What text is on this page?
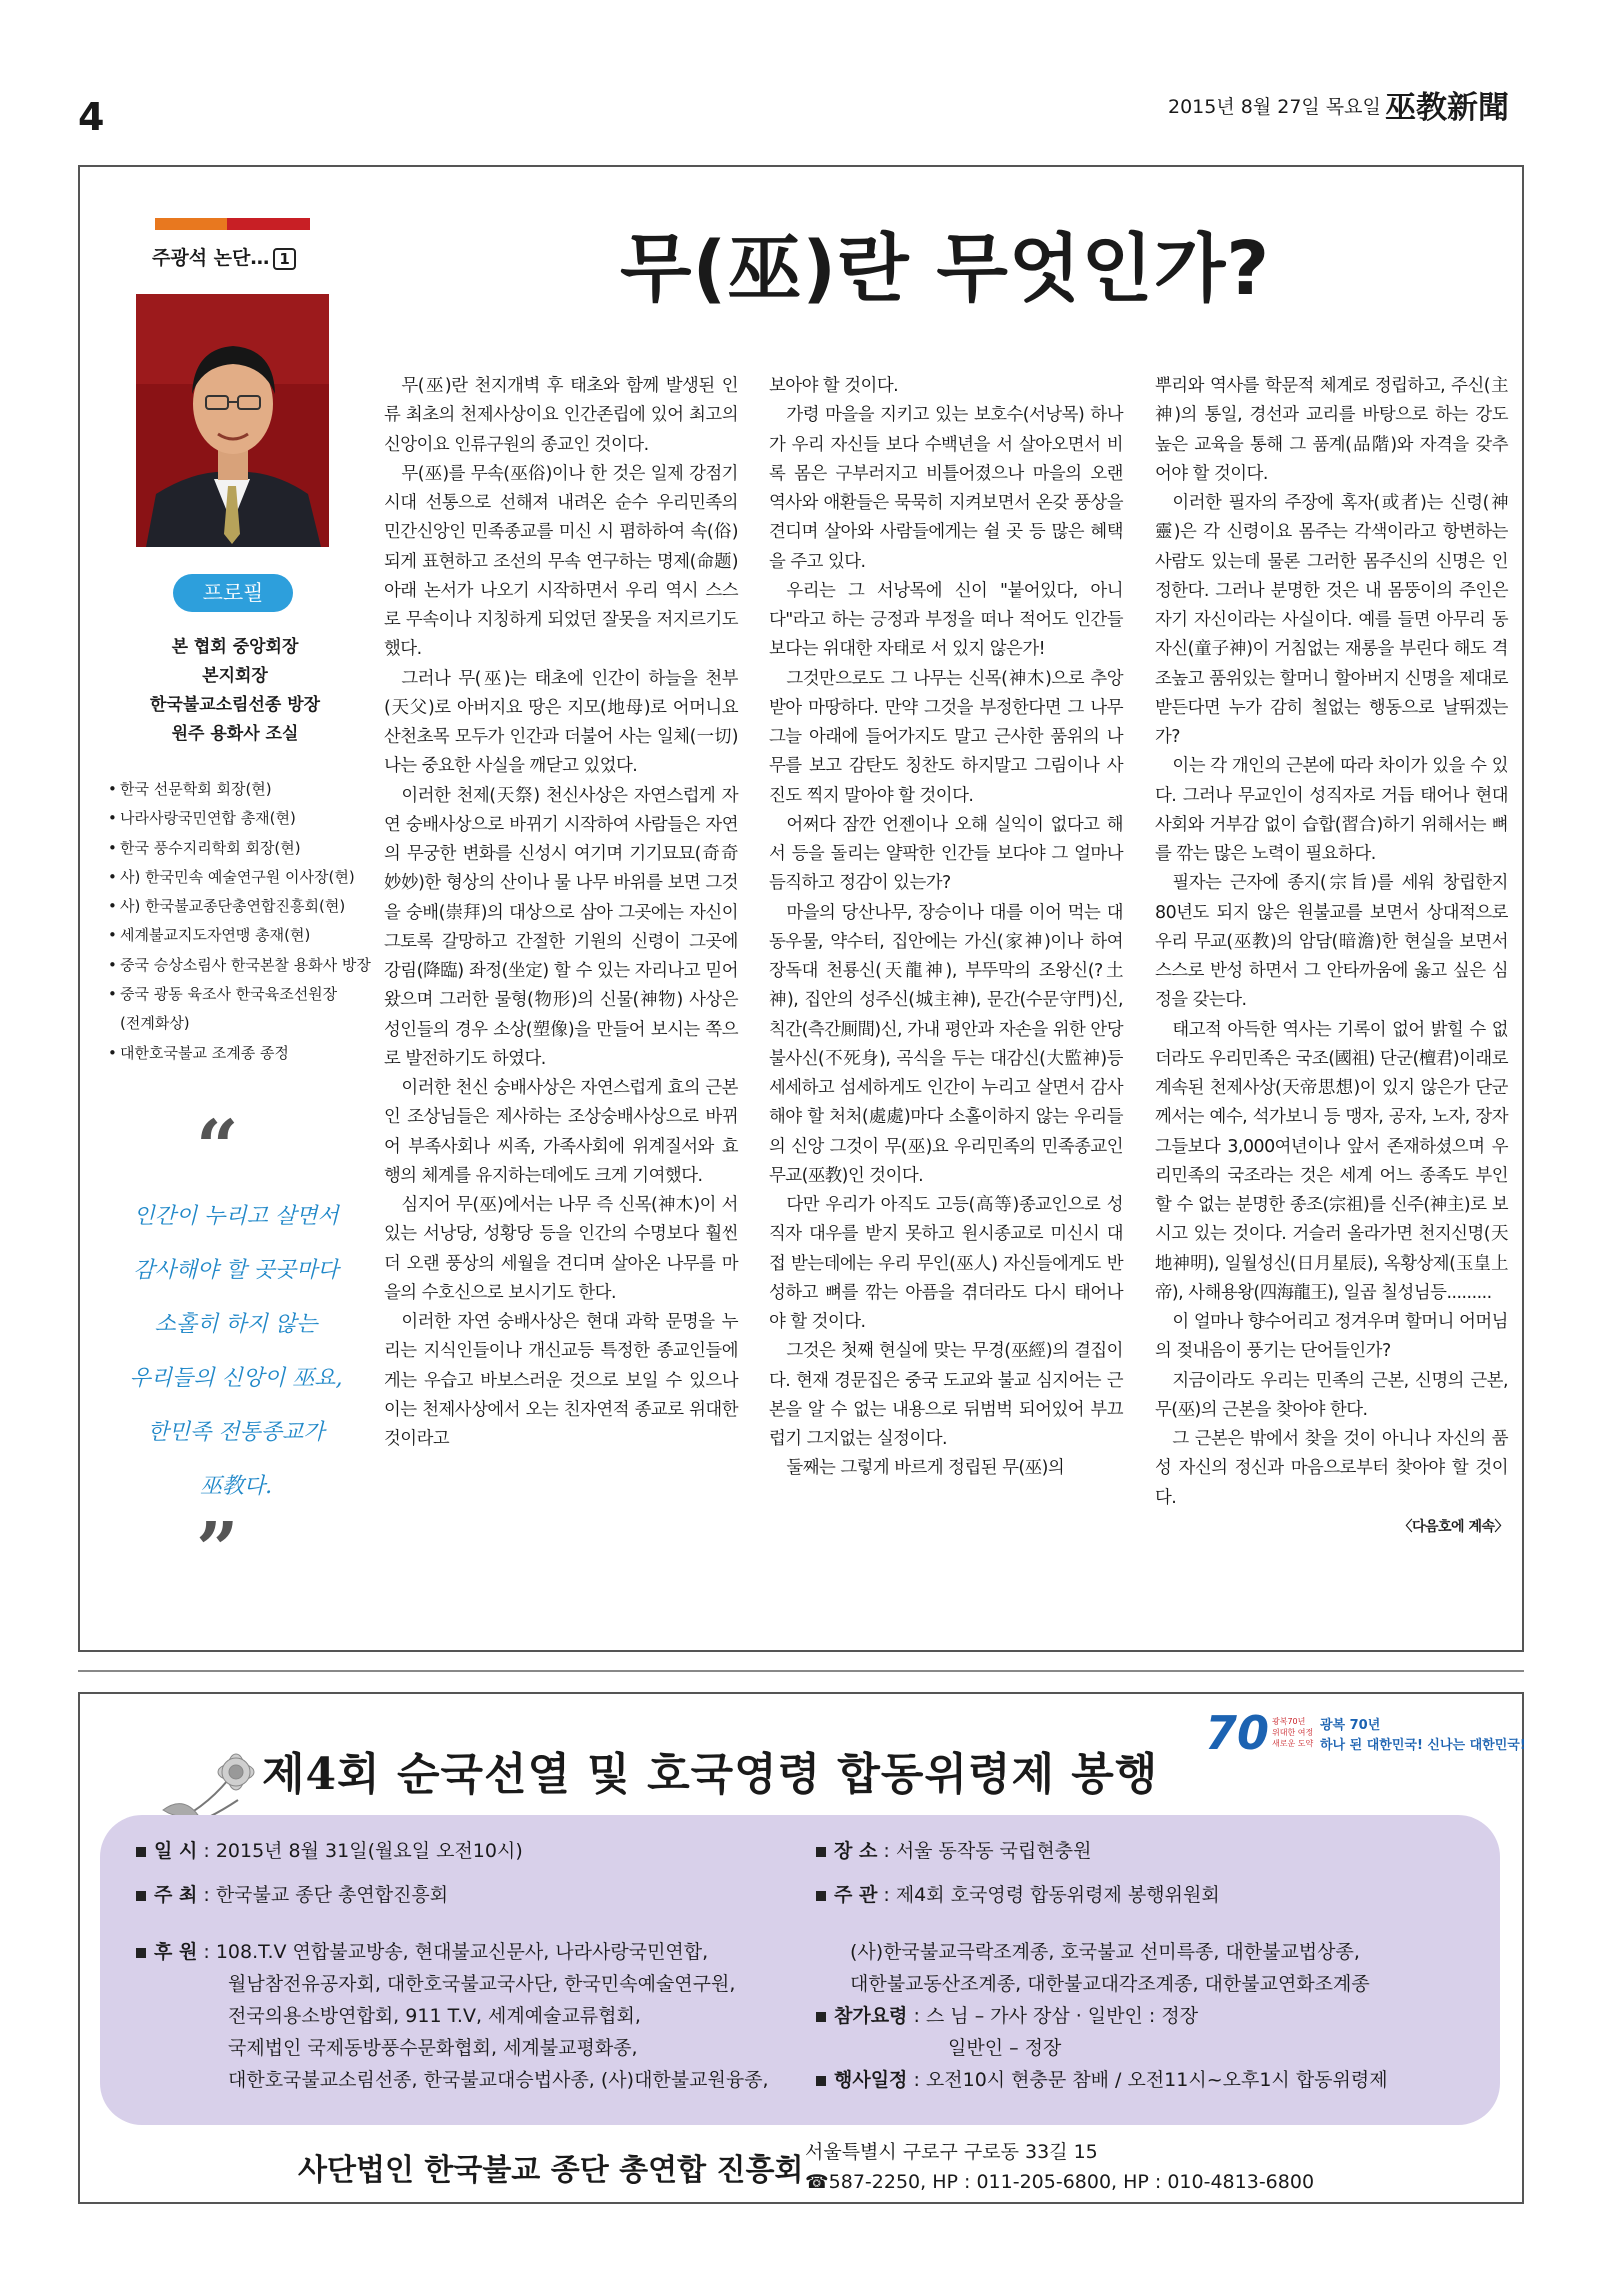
4	2015년 8월 27일 목요일 巫教新聞
주광석 논단… 1
프로필
본 협회 중앙회장
본지회장
한국불교소림선종 방장
원주 용화사 조실
• 한국 선문학회 회장(현)
• 나라사랑국민연합 총재(현)
• 한국 풍수지리학회 회장(현)
• 사) 한국민속 예술연구원 이사장(현)
• 사) 한국불교종단총연합진흥회(현)
• 세계불교지도자연맹 총재(현)
• 중국 승상소림사 한국본찰 용화사 방장
• 중국 광동 육조사 한국육조선원장
(전계화상)
• 대한호국불교 조계종 종정
“
인간이 누리고 살면서
감사해야 할 곳곳마다
소홀히 하지 않는
우리들의 신앙이 巫요,
한민족 전통종교가
巫教다.
”
무(巫)란 무엇인가?

무(巫)란 천지개벽 후 태초와 함께 발생된 인류 최초의 천제사상이요 인간존립에 있어 최고의 신앙이요 인류구원의 종교인 것이다.

무(巫)를 무속(巫俗)이나 한 것은 일제 강점기 시대 선통으로 선해져 내려온 순수 우리민족의 민간신앙인 민족종교를 미신 시 폄하하여 속(俗)되게 표현하고 조선의 무속 연구하는 명제(命题)아래 논서가 나오기 시작하면서 우리 역시 스스로 무속이나 지칭하게 되었던 잘못을 저지르기도 했다.

그러나 무(巫)는 태초에 인간이 하늘을 천부(天父)로 아버지요 땅은 지모(地母)로 어머니요 산천초목 모두가 인간과 더불어 사는 일체(一切)나는 중요한 사실을 깨닫고 있었다.

이러한 천제(天祭) 천신사상은 자연스럽게 자연 숭배사상으로 바뀌기 시작하여 사람들은 자연의 무궁한 변화를 신성시 여기며 기기묘묘(奇奇妙妙)한 형상의 산이나 물 나무 바위를 보면 그것을 숭배(崇拜)의 대상으로 삼아 그곳에는 자신이 그토록 갈망하고 간절한 기원의 신령이 그곳에 강림(降臨) 좌정(坐定) 할 수 있는 자리나고 믿어 왔으며 그러한 물형(物形)의 신물(神物) 사상은 성인들의 경우 소상(塑像)을 만들어 보시는 쪽으로 발전하기도 하였다.

이러한 천신 숭배사상은 자연스럽게 효의 근본인 조상님들은 제사하는 조상숭배사상으로 바뀌어 부족사회나 씨족, 가족사회에 위계질서와 효행의 체계를 유지하는데에도 크게 기여했다.

심지어 무(巫)에서는 나무 즉 신목(神木)이 서있는 서낭당, 성황당 등을 인간의 수명보다 훨씬 더 오랜 풍상의 세월을 견디며 살아온 나무를 마을의 수호신으로 보시기도 한다.

이러한 자연 숭배사상은 현대 과학 문명을 누리는 지식인들이나 개신교등 특정한 종교인들에게는 우습고 바보스러운 것으로 보일 수 있으나 이는 천제사상에서 오는 친자연적 종교로 위대한 것이라고

보아야 할 것이다.

가령 마을을 지키고 있는 보호수(서낭목) 하나가 우리 자신들 보다 수백년을 서 살아오면서 비록 몸은 구부러지고 비틀어졌으나 마을의 오랜 역사와 애환들은 묵묵히 지켜보면서 온갖 풍상을 견디며 살아와 사람들에게는 쉴 곳 등 많은 혜택을 주고 있다.

우리는 그 서낭목에 신이 "붙어있다, 아니다"라고 하는 긍정과 부정을 떠나 적어도 인간들 보다는 위대한 자태로 서 있지 않은가!

그것만으로도 그 나무는 신목(神木)으로 추앙받아 마땅하다. 만약 그것을 부정한다면 그 나무 그늘 아래에 들어가지도 말고 근사한 품위의 나무를 보고 감탄도 칭찬도 하지말고 그림이나 사진도 찍지 말아야 할 것이다.

어쩌다 잠깐 언젠이나 오해 실익이 없다고 해서 등을 돌리는 얄팍한 인간들 보다야 그 얼마나 듬직하고 정감이 있는가?

마을의 당산나무, 장승이나 대를 이어 먹는 대동우물, 약수터, 집안에는 가신(家神)이나 하여 장독대 천룡신(天龍神), 부뚜막의 조왕신(?土神), 집안의 성주신(城主神), 문간(수문守門)신, 칙간(측간厠間)신, 가내 평안과 자손을 위한 안당 불사신(不死身), 곡식을 두는 대감신(大監神)등 세세하고 섬세하게도 인간이 누리고 살면서 감사해야 할 처처(處處)마다 소홀이하지 않는 우리들의 신앙 그것이 무(巫)요 우리민족의 민족종교인 무교(巫教)인 것이다.

다만 우리가 아직도 고등(高等)종교인으로 성직자 대우를 받지 못하고 원시종교로 미신시 대접 받는데에는 우리 무인(巫人) 자신들에게도 반성하고 뼈를 깎는 아픔을 겪더라도 다시 태어나야 할 것이다.

그것은 첫째 현실에 맞는 무경(巫經)의 결집이다. 현재 경문집은 중국 도교와 불교 심지어는 근본을 알 수 없는 내용으로 뒤범벅 되어있어 부끄럽기 그지없는 실정이다.

둘째는 그렇게 바르게 정립된 무(巫)의

뿌리와 역사를 학문적 체계로 정립하고, 주신(主神)의 통일, 경선과 교리를 바탕으로 하는 강도 높은 교육을 통해 그 품계(品階)와 자격을 갖추어야 할 것이다.

이러한 필자의 주장에 혹자(或者)는 신령(神靈)은 각 신령이요 몸주는 각색이라고 항변하는 사람도 있는데 물론 그러한 몸주신의 신명은 인정한다. 그러나 분명한 것은 내 몸뚱이의 주인은 자기 자신이라는 사실이다. 예를 들면 아무리 동자신(童子神)이 거침없는 재롱을 부린다 해도 격조높고 품위있는 할머니 할아버지 신명을 제대로 받든다면 누가 감히 철없는 행동으로 날뛰겠는가?

이는 각 개인의 근본에 따라 차이가 있을 수 있다. 그러나 무교인이 성직자로 거듭 태어나 현대사회와 거부감 없이 습합(習合)하기 위해서는 뼈를 깎는 많은 노력이 필요하다.

필자는 근자에 종지(宗旨)를 세워 창립한지 80년도 되지 않은 원불교를 보면서 상대적으로 우리 무교(巫教)의 암담(暗澹)한 현실을 보면서 스스로 반성 하면서 그 안타까움에 옳고 싶은 심정을 갖는다.

태고적 아득한 역사는 기록이 없어 밝힐 수 없더라도 우리민족은 국조(國祖) 단군(檀君)이래로 계속된 천제사상(天帝思想)이 있지 않은가 단군께서는 예수, 석가보니 등 맹자, 공자, 노자, 장자 그들보다 3,000여년이나 앞서 존재하셨으며 우리민족의 국조라는 것은 세계 어느 종족도 부인 할 수 없는 분명한 종조(宗祖)를 신주(神主)로 보시고 있는 것이다. 거슬러 올라가면 천지신명(天地神明), 일월성신(日月星辰), 옥황상제(玉皇上帝), 사해용왕(四海龍王), 일곱 칠성님등.........

이 얼마나 향수어리고 정겨우며 할머니 어머님의 젖내음이 풍기는 단어들인가?

지금이라도 우리는 민족의 근본, 신명의 근본, 무(巫)의 근본을 찾아야 한다.

그 근본은 밖에서 찾을 것이 아니나 자신의 품성 자신의 정신과 마음으로부터 찾아야 할 것이다.

〈다음호에 계속〉

제4회 순국선열 및 호국영령 합동위령제 봉행
70 광복70년
위대한 여정
새로운 도약
광복 70년
하나 된 대한민국! 신나는 대한민국!
일 시 : 2015년 8월 31일(월요일 오전10시)	장 소 : 서울 동작동 국립현충원
주 최 : 한국불교 종단 총연합진흥회	주 관 : 제4회 호국영령 합동위령제 봉행위원회
후 원 : 108.T.V 연합불교방송, 현대불교신문사, 나라사랑국민연합,
월남참전유공자회, 대한호국불교국사단, 한국민속예술연구원,
전국의용소방연합회, 911 T.V, 세계예술교류협회,
국제법인 국제동방풍수문화협회, 세계불교평화종,
대한호국불교소림선종, 한국불교대승법사종, (사)대한불교원융종,
(사)한국불교극락조계종, 호국불교 선미륵종, 대한불교법상종,
대한불교동산조계종, 대한불교대각조계종, 대한불교연화조계종
참가요령 : 스 님 – 가사 장삼 · 일반인 : 정장
일반인 – 정장
행사일정 : 오전10시 현충문 참배 / 오전11시~오후1시 합동위령제
사단법인 한국불교 종단 총연합 진흥회
서울특별시 구로구 구로동 33길 15
☎587-2250, HP : 011-205-6800, HP : 010-4813-6800
